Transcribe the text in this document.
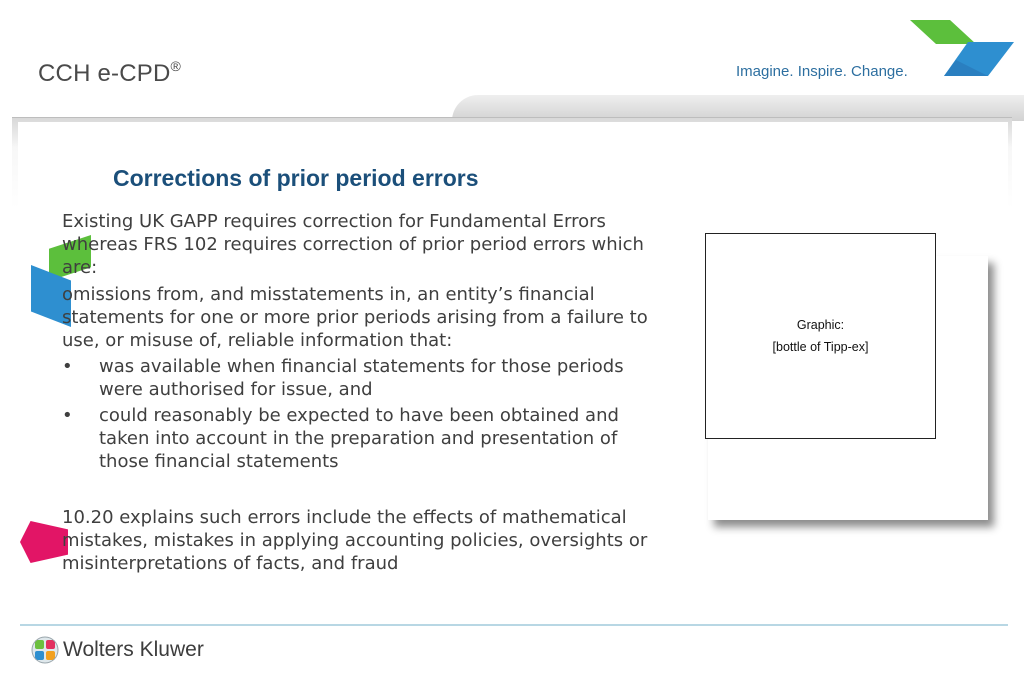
CCH e-CPD®	Imagine. Inspire. Change.
Corrections of prior period errors

Existing UK GAPP requires correction for Fundamental Errors whereas FRS 102 requires correction of prior period errors which are:

omissions from, and misstatements in, an entity’s financial statements for one or more prior periods arising from a failure to use, or misuse of, reliable information that:

• was available when financial statements for those periods were authorised for issue, and
• could reasonably be expected to have been obtained and taken into account in the preparation and presentation of those financial statements

10.20 explains such errors include the effects of mathematical mistakes, mistakes in applying accounting policies, oversights or misinterpretations of facts, and fraud

Graphic:
[bottle of Tipp-ex]
Wolters Kluwer
